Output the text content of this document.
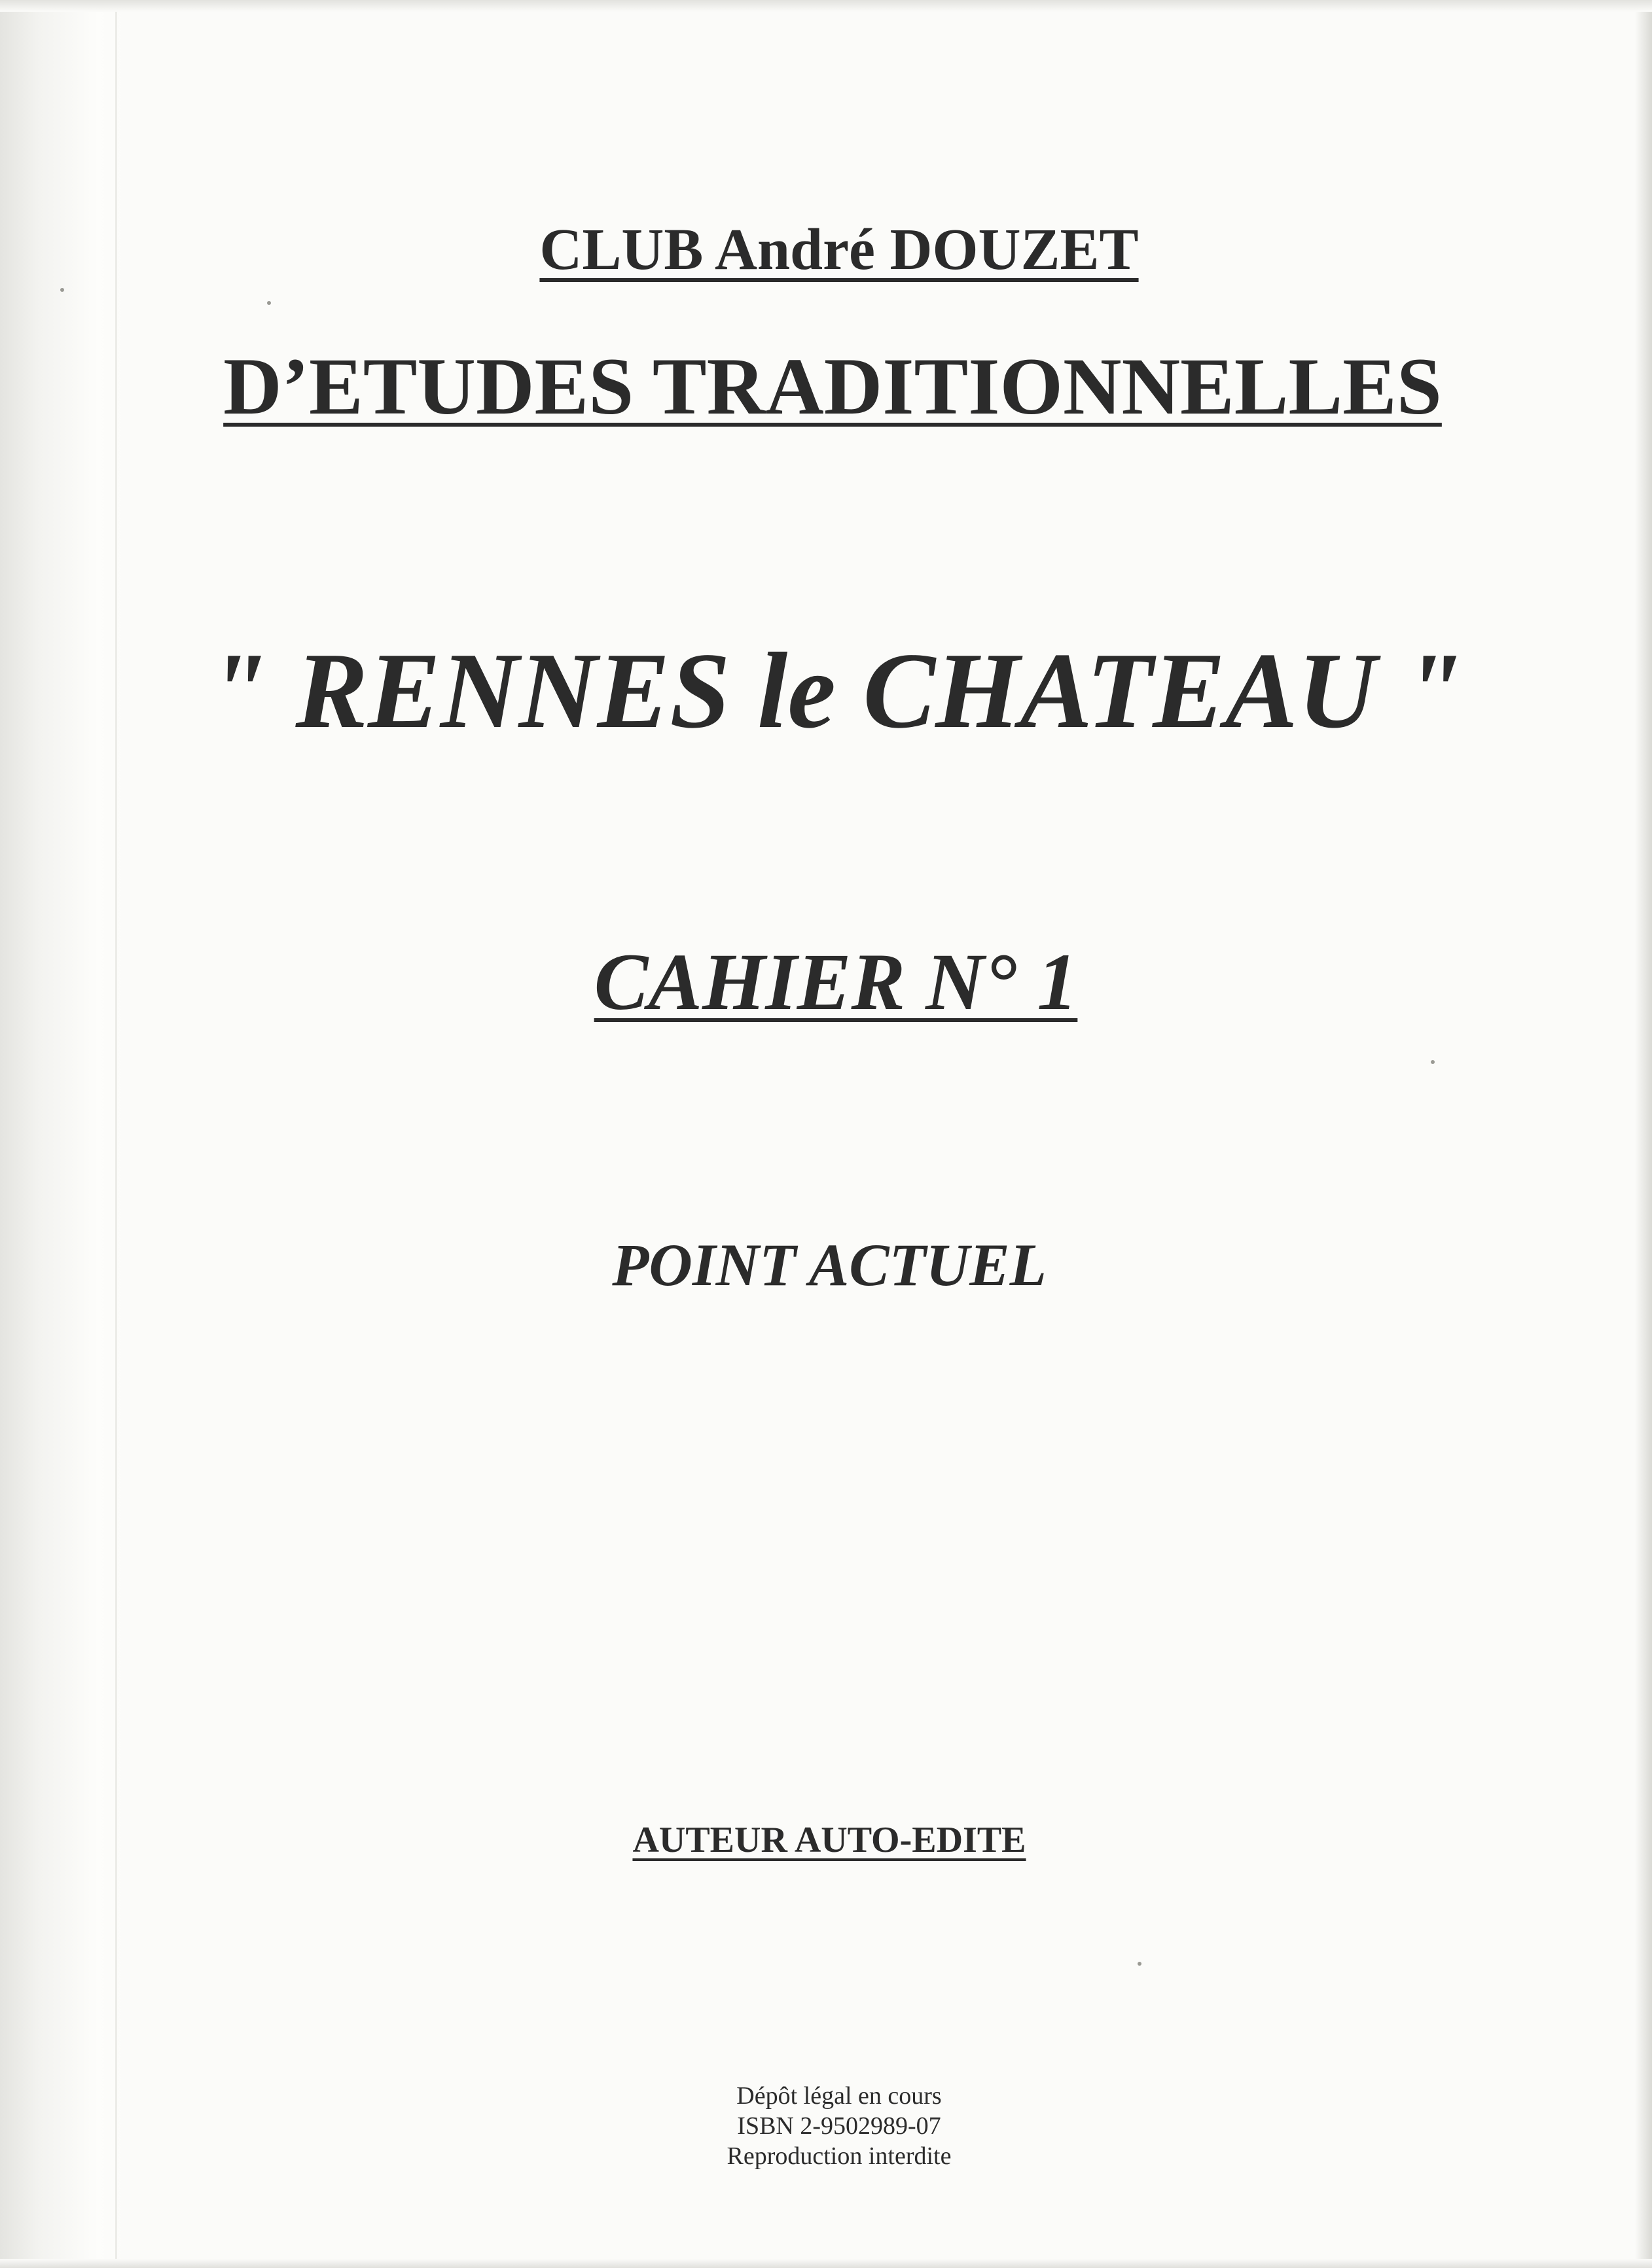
CLUB André DOUZET
D’ETUDES TRADITIONNELLES
" RENNES le CHATEAU "
CAHIER N° 1
POINT ACTUEL
AUTEUR AUTO-EDITE
Dépôt légal en cours
ISBN 2-9502989-07
Reproduction interdite
